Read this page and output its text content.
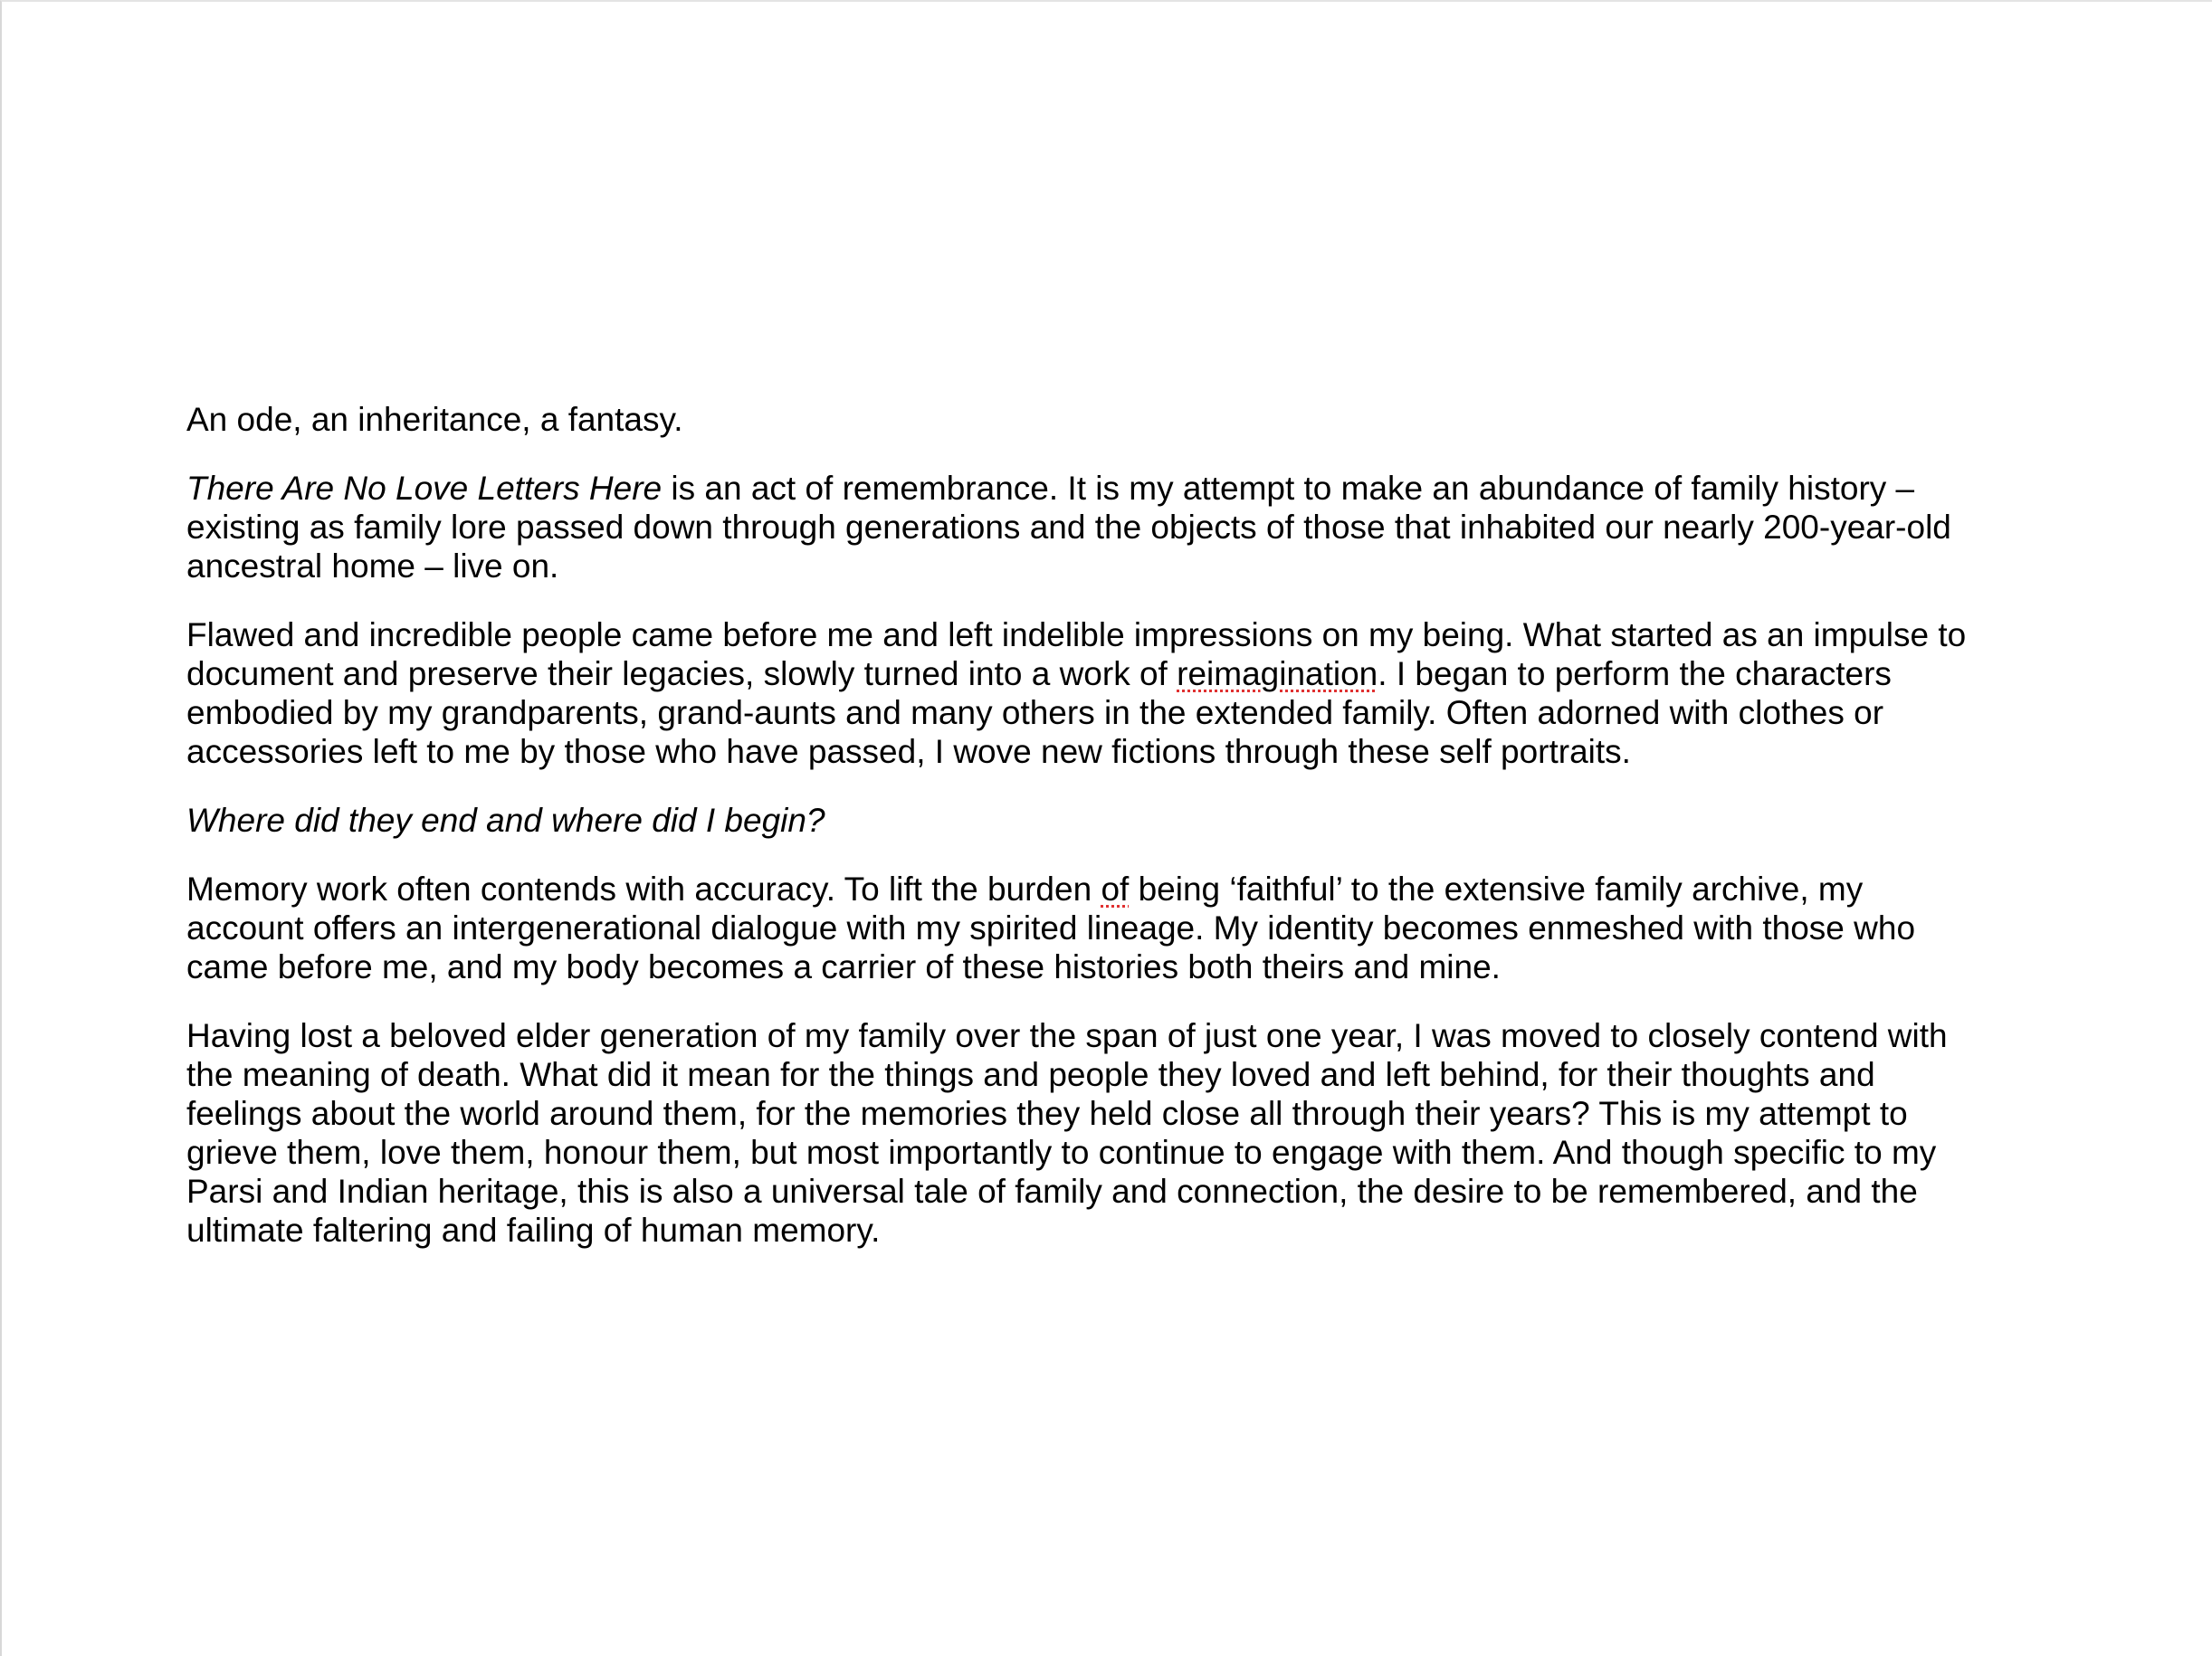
An ode, an inheritance, a fantasy.

There Are No Love Letters Here is an act of remembrance. It is my attempt to make an abundance of family history –
existing as family lore passed down through generations and the objects of those that inhabited our nearly 200-year-old
ancestral home – live on.

Flawed and incredible people came before me and left indelible impressions on my being. What started as an impulse to
document and preserve their legacies, slowly turned into a work of reimagination. I began to perform the characters
embodied by my grandparents, grand-aunts and many others in the extended family. Often adorned with clothes or
accessories left to me by those who have passed, I wove new fictions through these self portraits.

Where did they end and where did I begin?

Memory work often contends with accuracy. To lift the burden of being ‘faithful’ to the extensive family archive, my
account offers an intergenerational dialogue with my spirited lineage. My identity becomes enmeshed with those who
came before me, and my body becomes a carrier of these histories both theirs and mine.

Having lost a beloved elder generation of my family over the span of just one year, I was moved to closely contend with
the meaning of death. What did it mean for the things and people they loved and left behind, for their thoughts and
feelings about the world around them, for the memories they held close all through their years? This is my attempt to
grieve them, love them, honour them, but most importantly to continue to engage with them. And though specific to my
Parsi and Indian heritage, this is also a universal tale of family and connection, the desire to be remembered, and the
ultimate faltering and failing of human memory.
